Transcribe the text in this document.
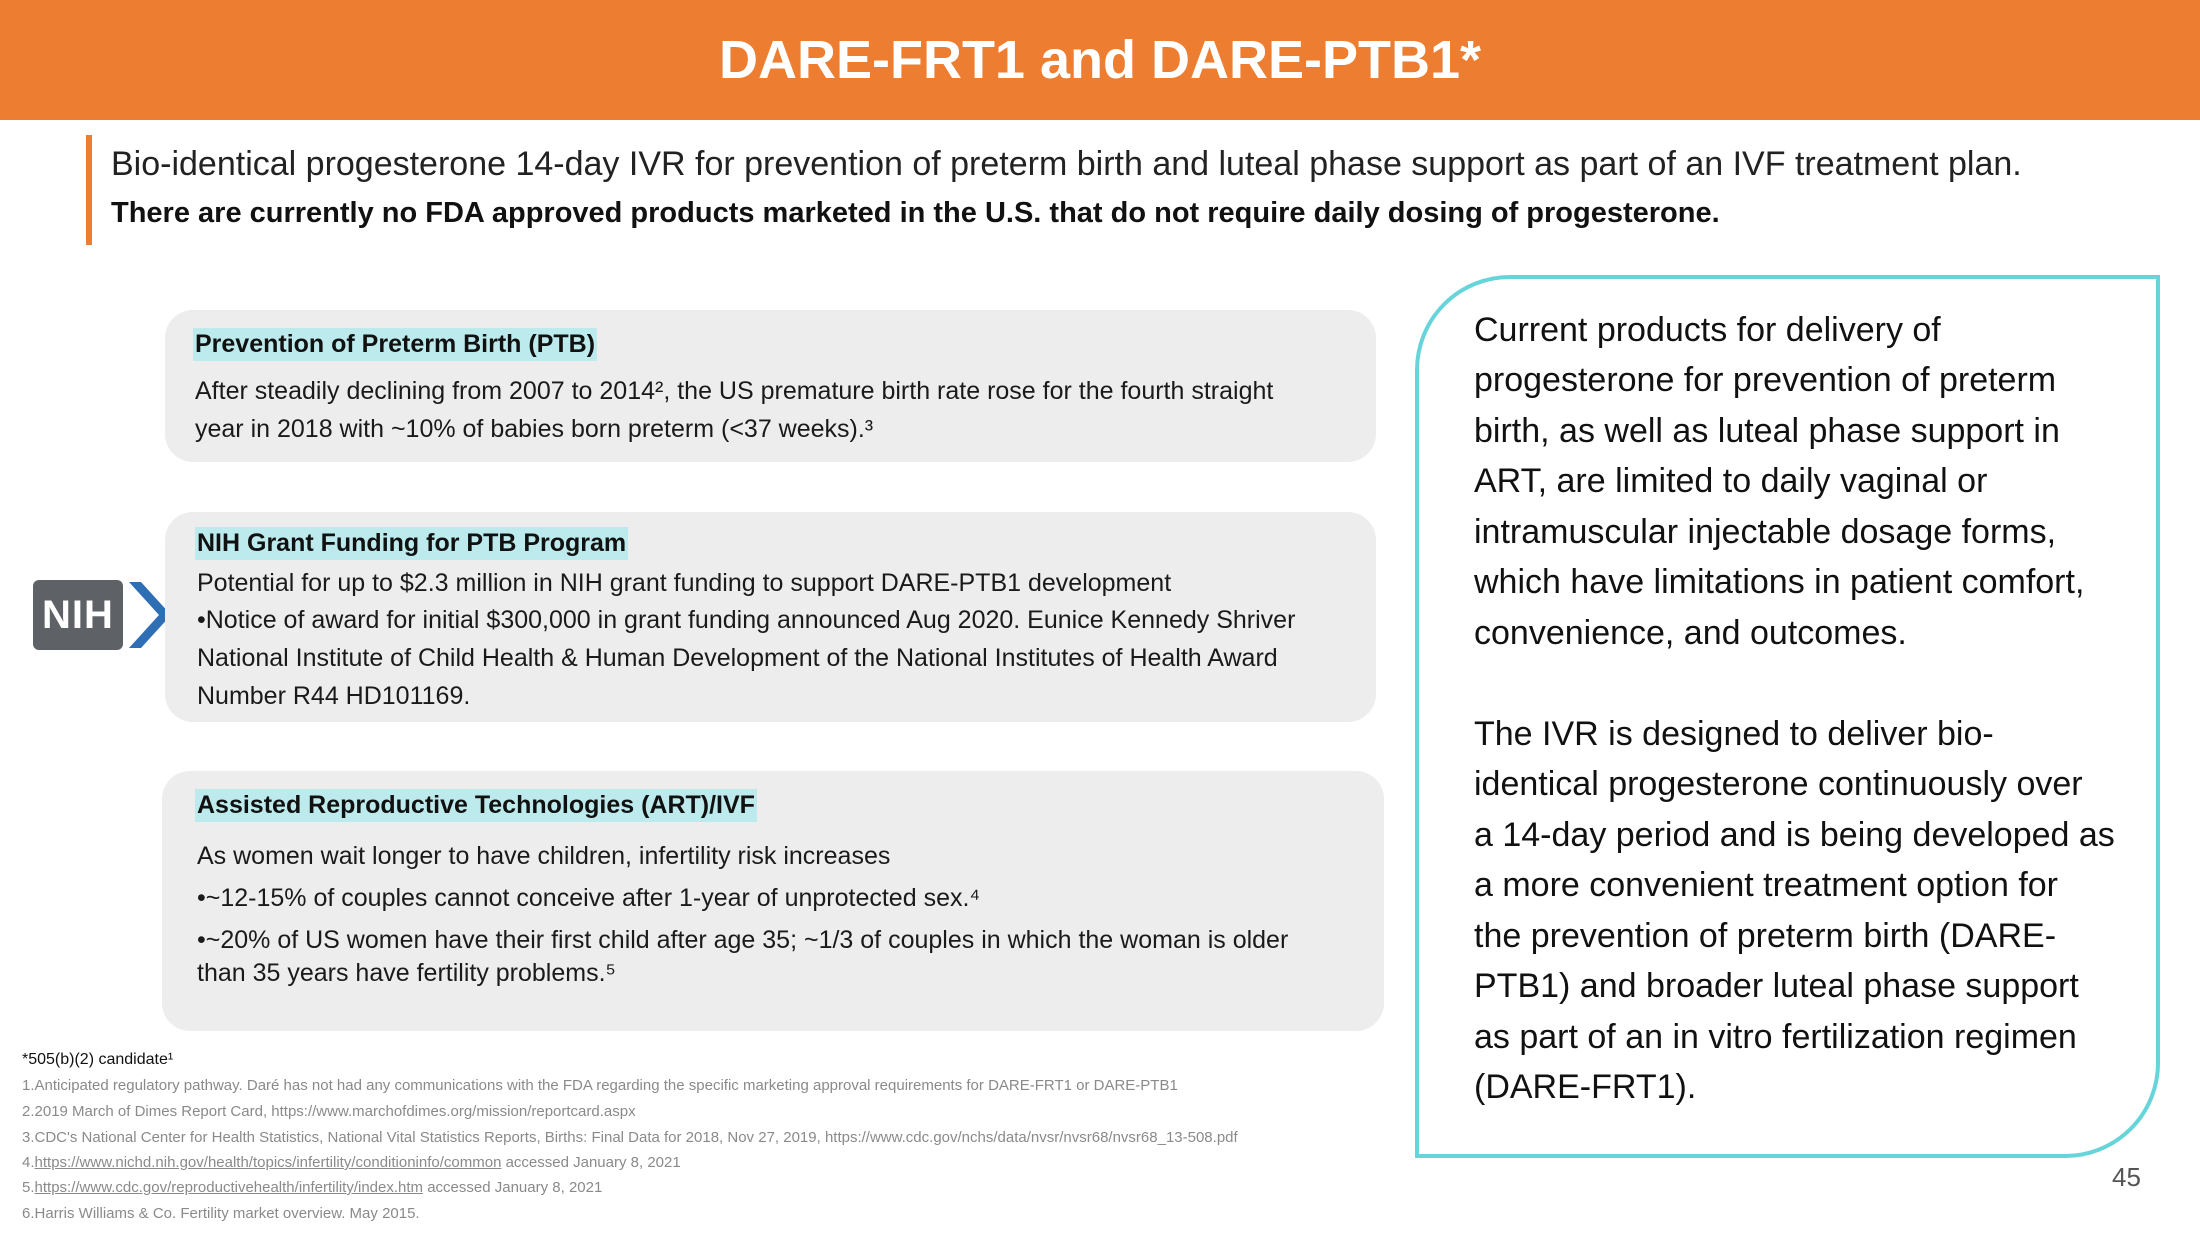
DARE-FRT1 and DARE-PTB1*
Bio-identical progesterone 14-day IVR for prevention of preterm birth and luteal phase support as part of an IVF treatment plan.
There are currently no FDA approved products marketed in the U.S. that do not require daily dosing of progesterone.
Prevention of Preterm Birth (PTB)
After steadily declining from 2007 to 2014², the US premature birth rate rose for the fourth straight
year in 2018 with ~10% of babies born preterm (<37 weeks).³
NIH
NIH Grant Funding for PTB Program
Potential for up to $2.3 million in NIH grant funding to support DARE-PTB1 development
•Notice of award for initial $300,000 in grant funding announced Aug 2020. Eunice Kennedy Shriver
National Institute of Child Health & Human Development of the National Institutes of Health Award
Number R44 HD101169.
Assisted Reproductive Technologies (ART)/IVF
As women wait longer to have children, infertility risk increases
•~12-15% of couples cannot conceive after 1-year of unprotected sex.⁴
•~20% of US women have their first child after age 35; ~1/3 of couples in which the woman is older
than 35 years have fertility problems.⁵
Current products for delivery of
progesterone for prevention of preterm
birth, as well as luteal phase support in
ART, are limited to daily vaginal or
intramuscular injectable dosage forms,
which have limitations in patient comfort,
convenience, and outcomes.
The IVR is designed to deliver bio-
identical progesterone continuously over
a 14-day period and is being developed as
a more convenient treatment option for
the prevention of preterm birth (DARE-
PTB1) and broader luteal phase support
as part of an in vitro fertilization regimen
(DARE-FRT1).
*505(b)(2) candidate¹
1.Anticipated regulatory pathway. Daré has not had any communications with the FDA regarding the specific marketing approval requirements for DARE-FRT1 or DARE-PTB1
2.2019 March of Dimes Report Card, https://www.marchofdimes.org/mission/reportcard.aspx
3.CDC's National Center for Health Statistics, National Vital Statistics Reports, Births: Final Data for 2018, Nov 27, 2019, https://www.cdc.gov/nchs/data/nvsr/nvsr68/nvsr68_13-508.pdf
4.https://www.nichd.nih.gov/health/topics/infertility/conditioninfo/common accessed January 8, 2021
5.https://www.cdc.gov/reproductivehealth/infertility/index.htm accessed January 8, 2021
6.Harris Williams & Co. Fertility market overview. May 2015.
45
